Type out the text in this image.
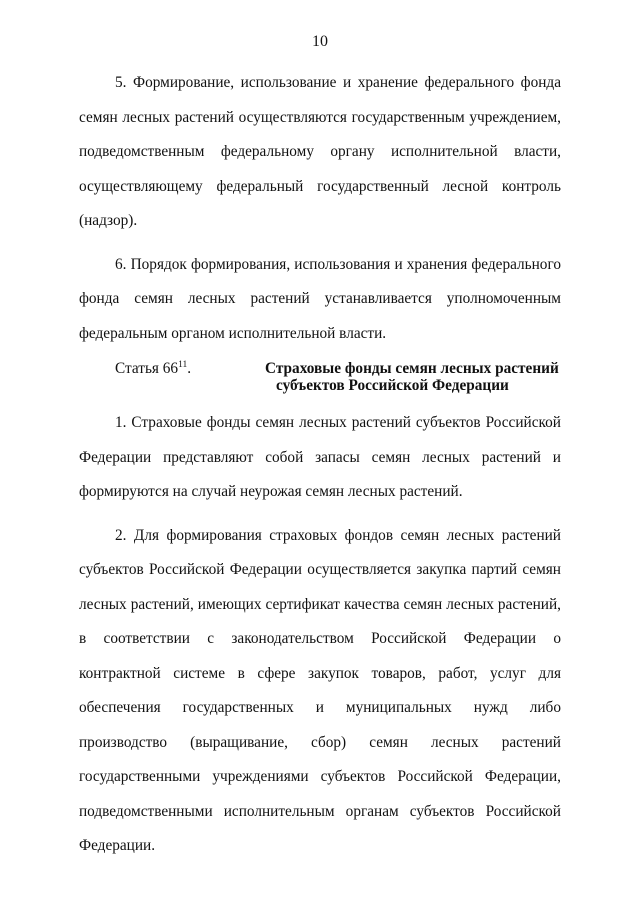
10

5. Формирование, использование и хранение федерального фонда семян лесных растений осуществляются государственным учреждением, подведомственным федеральному органу исполнительной власти, осуществляющему федеральный государственный лесной контроль (надзор).

6. Порядок формирования, использования и хранения федерального фонда семян лесных растений устанавливается уполномоченным федеральным органом исполнительной власти.

Статья $66^{11}$.	Страховые фонды семян лесных растений субъектов Российской Федерации

1. Страховые фонды семян лесных растений субъектов Российской Федерации представляют собой запасы семян лесных растений и формируются на случай неурожая семян лесных растений.

2. Для формирования страховых фондов семян лесных растений субъектов Российской Федерации осуществляется закупка партий семян лесных растений, имеющих сертификат качества семян лесных растений, в соответствии с законодательством Российской Федерации о контрактной системе в сфере закупок товаров, работ, услуг для обеспечения государственных и муниципальных нужд либо производство (выращивание, сбор) семян лесных растений государственными учреждениями субъектов Российской Федерации, подведомственными исполнительным органам субъектов Российской Федерации.
